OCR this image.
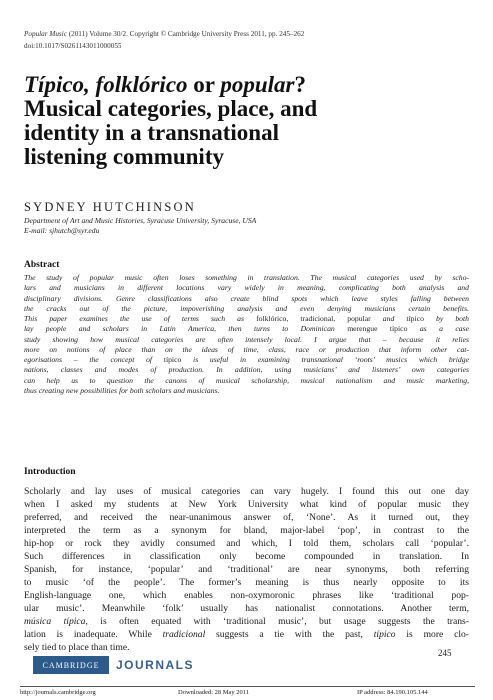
Popular Music (2011) Volume 30/2. Copyright © Cambridge University Press 2011, pp. 245–262
doi:10.1017/S0261143011000055
Típico, folklórico or popular?
Musical categories, place, and
identity in a transnational
listening community
SYDNEY HUTCHINSON
Department of Art and Music Histories, Syracuse University, Syracuse, USA
E-mail: sjhutch@syr.edu
Abstract
The study of popular music often loses something in translation. The musical categories used by scho-
lars and musicians in different locations vary widely in meaning, complicating both analysis and
disciplinary divisions. Genre classifications also create blind spots which leave styles falling between
the cracks out of the picture, impoverishing analysis and even denying musicians certain benefits.
This paper examines the use of terms such as folklórico, tradicional, popular and típico by both
lay people and scholars in Latin America, then turns to Dominican merengue típico as a case
study showing how musical categories are often intensely local. I argue that – because it relies
more on notions of place than on the ideas of time, class, race or production that inform other cat-
egorisations – the concept of típico is useful in examining transnational ‘roots’ musics which bridge
nations, classes and modes of production. In addition, using musicians’ and listeners’ own categories
can help us to question the canons of musical scholarship, musical nationalism and music marketing,
thus creating new possibilities for both scholars and musicians.
Introduction
Scholarly and lay uses of musical categories can vary hugely. I found this out one day
when I asked my students at New York University what kind of popular music they
preferred, and received the near-unanimous answer of, ‘None’. As it turned out, they
interpreted the term as a synonym for bland, major-label ‘pop’, in contrast to the
hip-hop or rock they avidly consumed and which, I told them, scholars call ‘popular’.
Such differences in classification only become compounded in translation. In
Spanish, for instance, ‘popular’ and ‘traditional’ are near synonyms, both referring
to music ‘of the people’. The former’s meaning is thus nearly opposite to its
English-language one, which enables non-oxymoronic phrases like ‘traditional pop-
ular music’. Meanwhile ‘folk’ usually has nationalist connotations. Another term,
música típica, is often equated with ‘traditional music’, but usage suggests the trans-
lation is inadequate. While tradicional suggests a tie with the past, típico is more clo-
sely tied to place than time.	245
CAMBRIDGE JOURNALS
http://journals.cambridge.org	Downloaded: 28 May 2011	IP address: 84.190.105.144
